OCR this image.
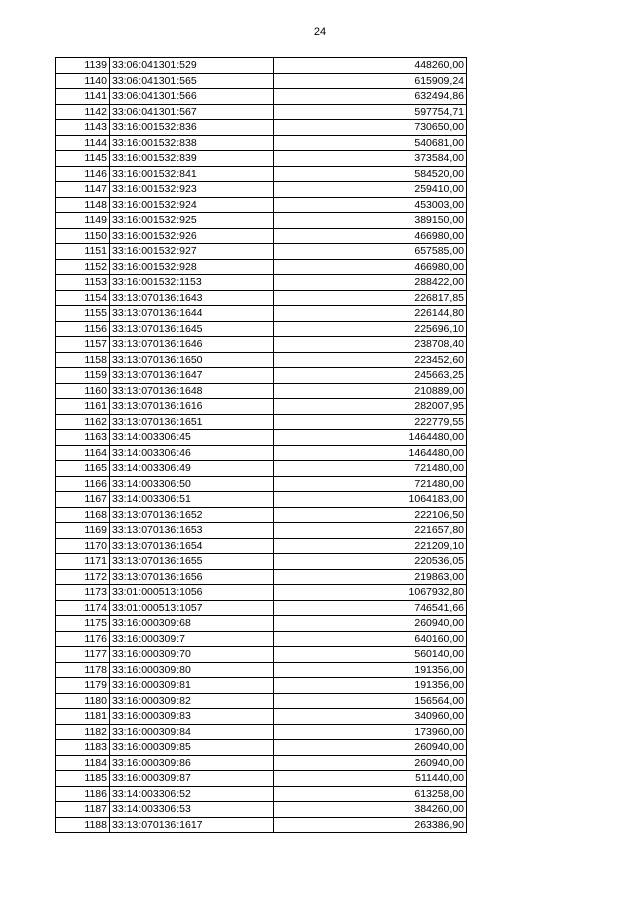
24
1139	33:06:041301:529	448260,00
1140	33:06:041301:565	615909,24
1141	33:06:041301:566	632494,86
1142	33:06:041301:567	597754,71
1143	33:16:001532:836	730650,00
1144	33:16:001532:838	540681,00
1145	33:16:001532:839	373584,00
1146	33:16:001532:841	584520,00
1147	33:16:001532:923	259410,00
1148	33:16:001532:924	453003,00
1149	33:16:001532:925	389150,00
1150	33:16:001532:926	466980,00
1151	33:16:001532:927	657585,00
1152	33:16:001532:928	466980,00
1153	33:16:001532:1153	288422,00
1154	33:13:070136:1643	226817,85
1155	33:13:070136:1644	226144,80
1156	33:13:070136:1645	225696,10
1157	33:13:070136:1646	238708,40
1158	33:13:070136:1650	223452,60
1159	33:13:070136:1647	245663,25
1160	33:13:070136:1648	210889,00
1161	33:13:070136:1616	282007,95
1162	33:13:070136:1651	222779,55
1163	33:14:003306:45	1464480,00
1164	33:14:003306:46	1464480,00
1165	33:14:003306:49	721480,00
1166	33:14:003306:50	721480,00
1167	33:14:003306:51	1064183,00
1168	33:13:070136:1652	222106,50
1169	33:13:070136:1653	221657,80
1170	33:13:070136:1654	221209,10
1171	33:13:070136:1655	220536,05
1172	33:13:070136:1656	219863,00
1173	33:01:000513:1056	1067932,80
1174	33:01:000513:1057	746541,66
1175	33:16:000309:68	260940,00
1176	33:16:000309:7	640160,00
1177	33:16:000309:70	560140,00
1178	33:16:000309:80	191356,00
1179	33:16:000309:81	191356,00
1180	33:16:000309:82	156564,00
1181	33:16:000309:83	340960,00
1182	33:16:000309:84	173960,00
1183	33:16:000309:85	260940,00
1184	33:16:000309:86	260940,00
1185	33:16:000309:87	511440,00
1186	33:14:003306:52	613258,00
1187	33:14:003306:53	384260,00
1188	33:13:070136:1617	263386,90
